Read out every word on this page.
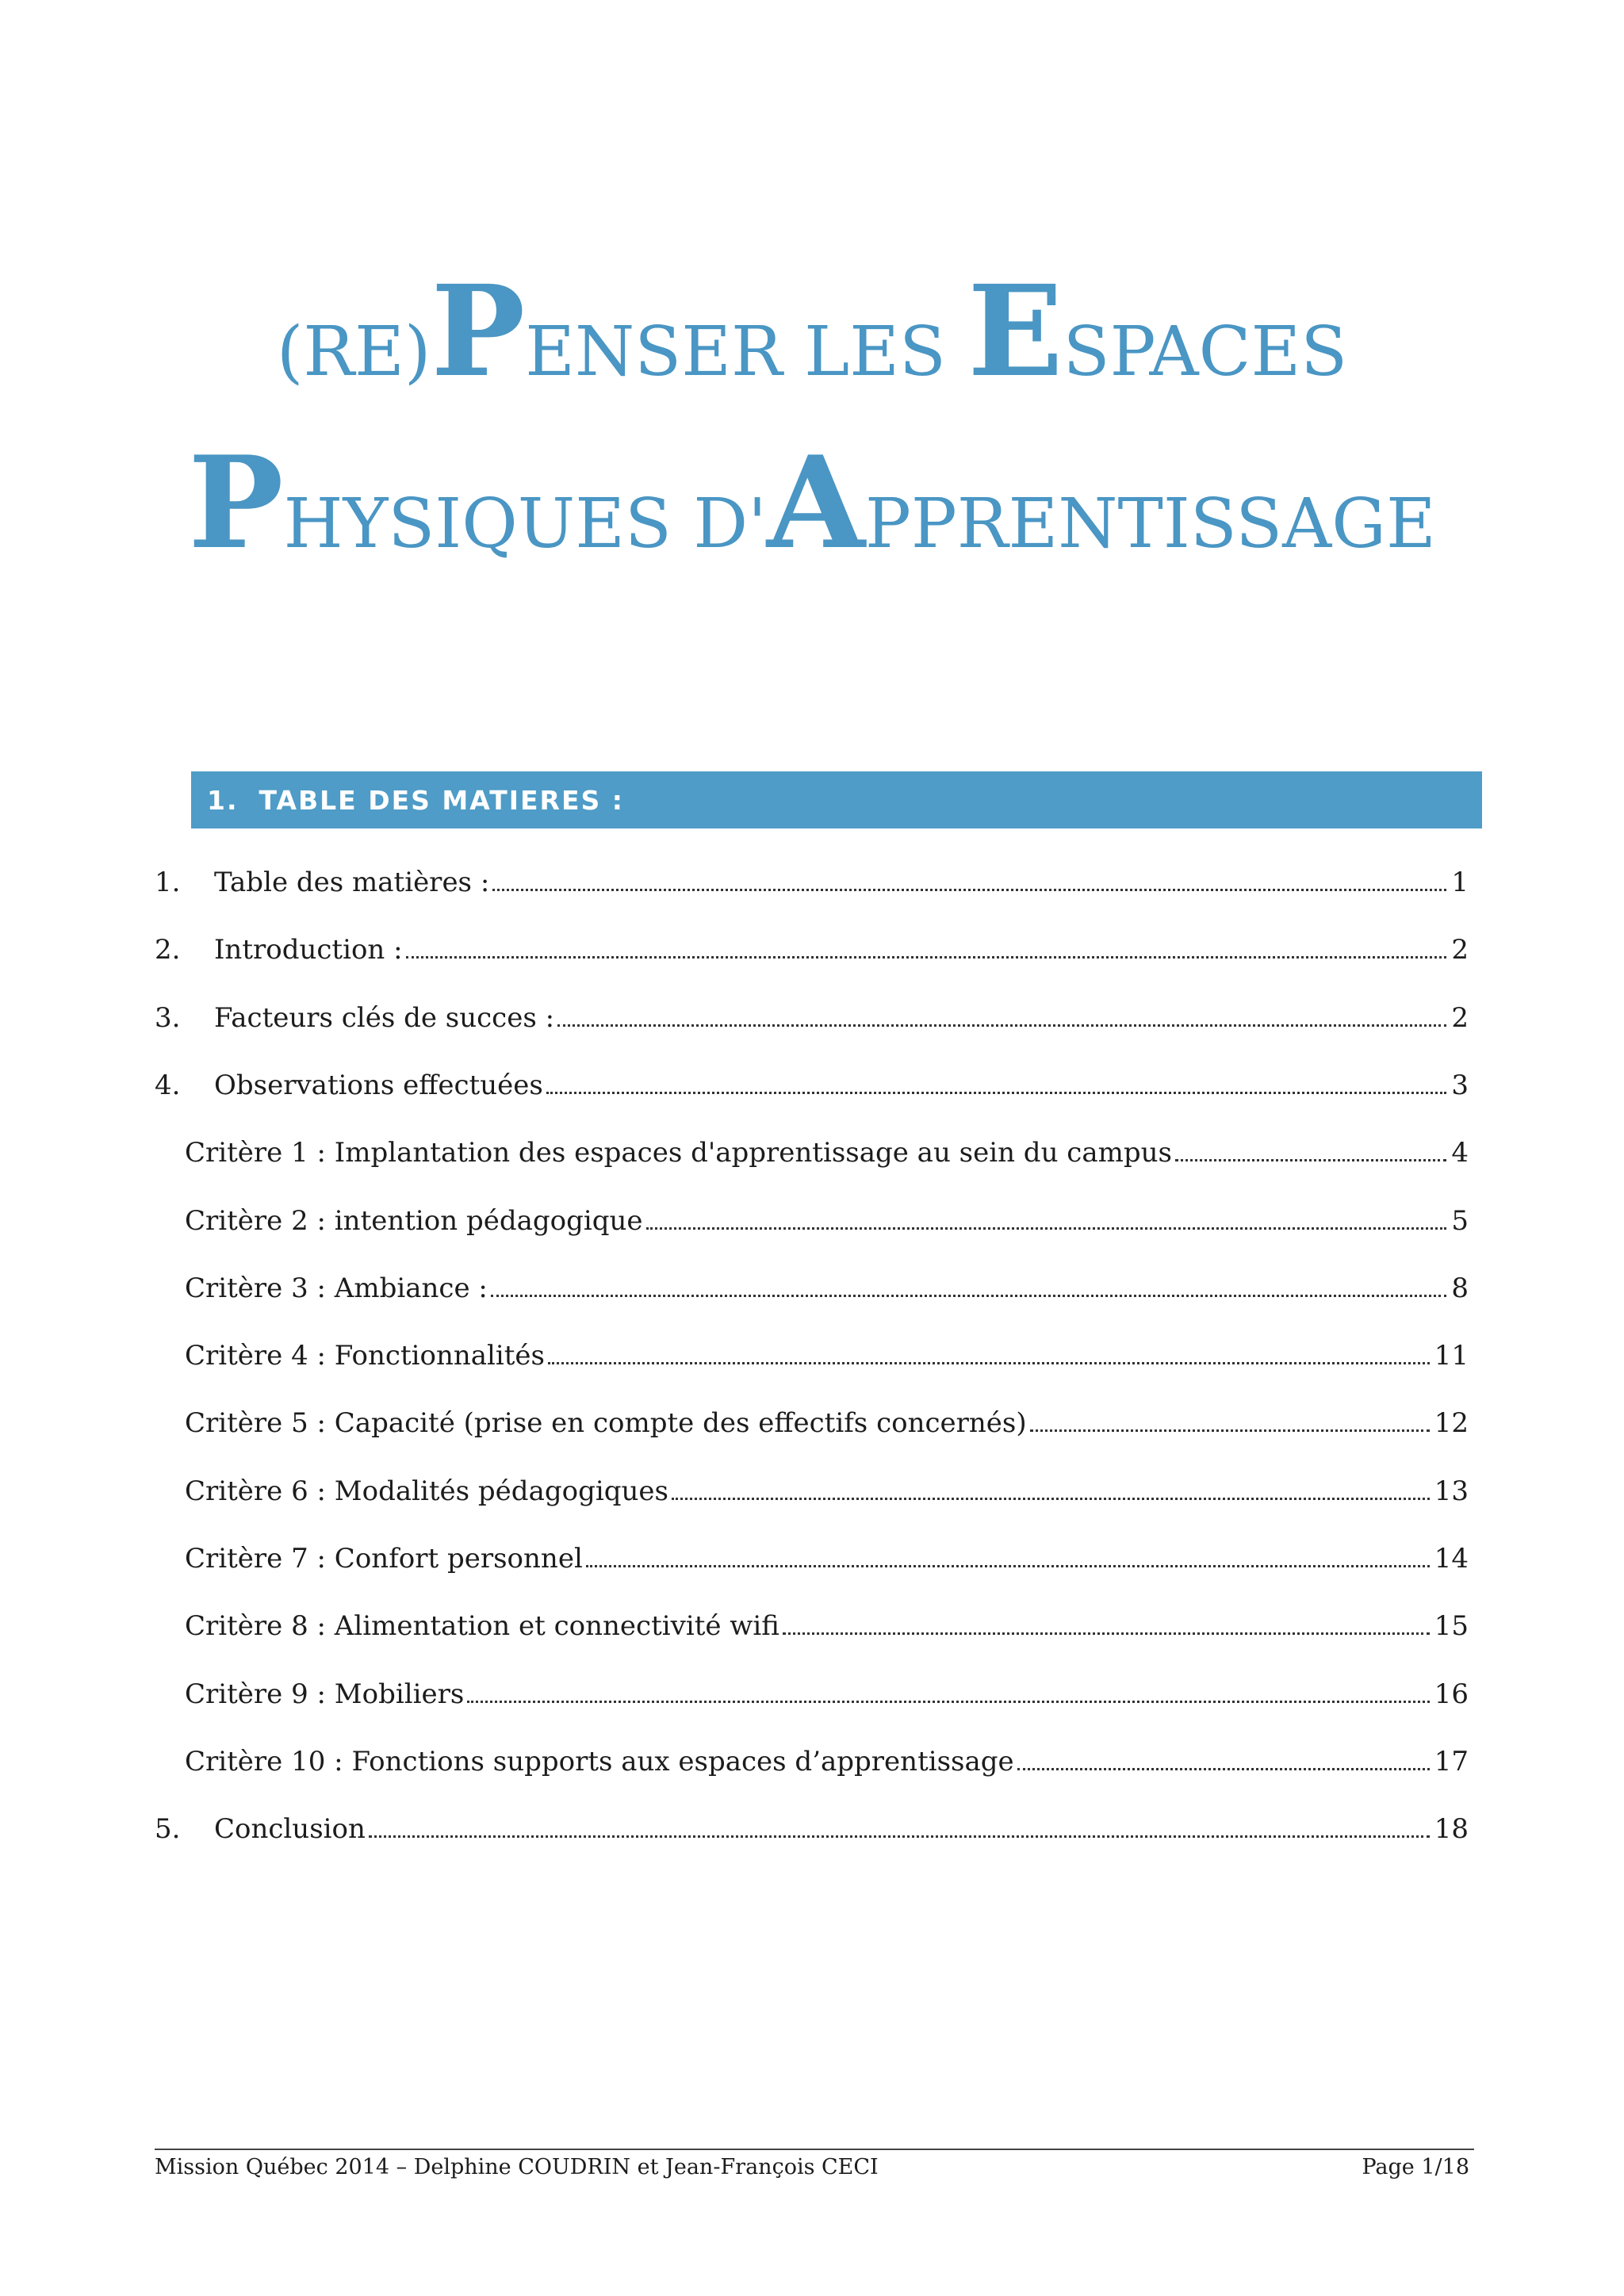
(RE)PENSER LES ESPACES
PHYSIQUES D'APPRENTISSAGE
1. TABLE DES MATIERES :
1.	Table des matières :	1
2.	Introduction :	2
3.	Facteurs clés de succes :	2
4.	Observations effectuées	3
Critère 1 : Implantation des espaces d'apprentissage au sein du campus	4
Critère 2 : intention pédagogique	5
Critère 3 : Ambiance :	8
Critère 4 : Fonctionnalités	11
Critère 5 : Capacité (prise en compte des effectifs concernés)	12
Critère 6 : Modalités pédagogiques	13
Critère 7 : Confort personnel	14
Critère 8 : Alimentation et connectivité wifi	15
Critère 9 : Mobiliers	16
Critère 10 : Fonctions supports aux espaces d’apprentissage	17
5.	Conclusion	18
Mission Québec 2014 – Delphine COUDRIN et Jean-François CECI	Page 1/18
